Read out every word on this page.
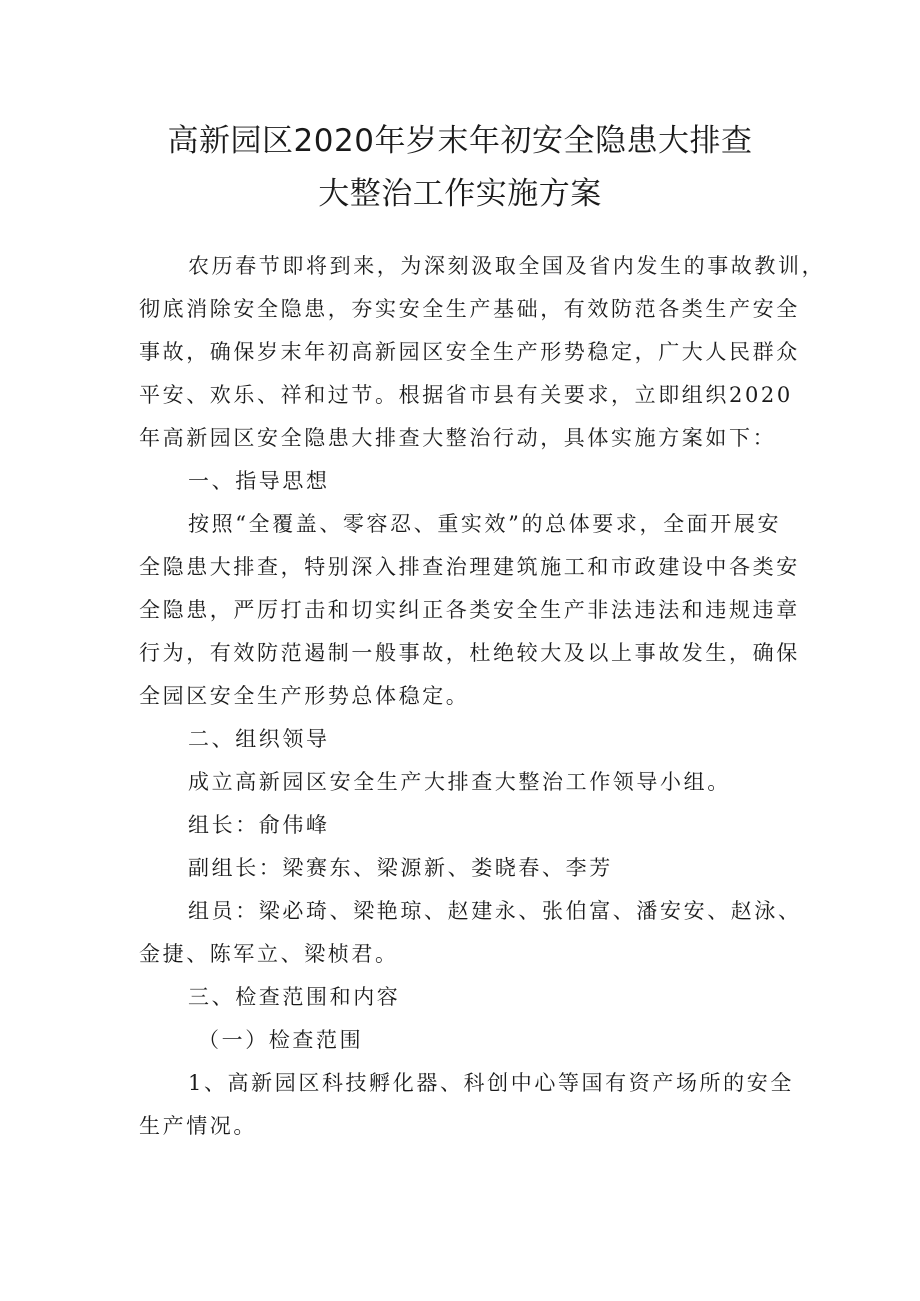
高新园区2020年岁末年初安全隐患大排查
大整治工作实施方案
农历春节即将到来，为深刻汲取全国及省内发生的事故教训，
彻底消除安全隐患，夯实安全生产基础，有效防范各类生产安全
事故，确保岁末年初高新园区安全生产形势稳定，广大人民群众
平安、欢乐、祥和过节。根据省市县有关要求，立即组织2020
年高新园区安全隐患大排查大整治行动，具体实施方案如下：
一、指导思想
按照“全覆盖、零容忍、重实效”的总体要求，全面开展安
全隐患大排查，特别深入排查治理建筑施工和市政建设中各类安
全隐患，严厉打击和切实纠正各类安全生产非法违法和违规违章
行为，有效防范遏制一般事故，杜绝较大及以上事故发生，确保
全园区安全生产形势总体稳定。
二、组织领导
成立高新园区安全生产大排查大整治工作领导小组。
组长：俞伟峰
副组长：梁赛东、梁源新、娄晓春、李芳
组员：梁必琦、梁艳琼、赵建永、张伯富、潘安安、赵泳、
金捷、陈军立、梁桢君。
三、检查范围和内容
（一）检查范围
1、高新园区科技孵化器、科创中心等国有资产场所的安全
生产情况。
